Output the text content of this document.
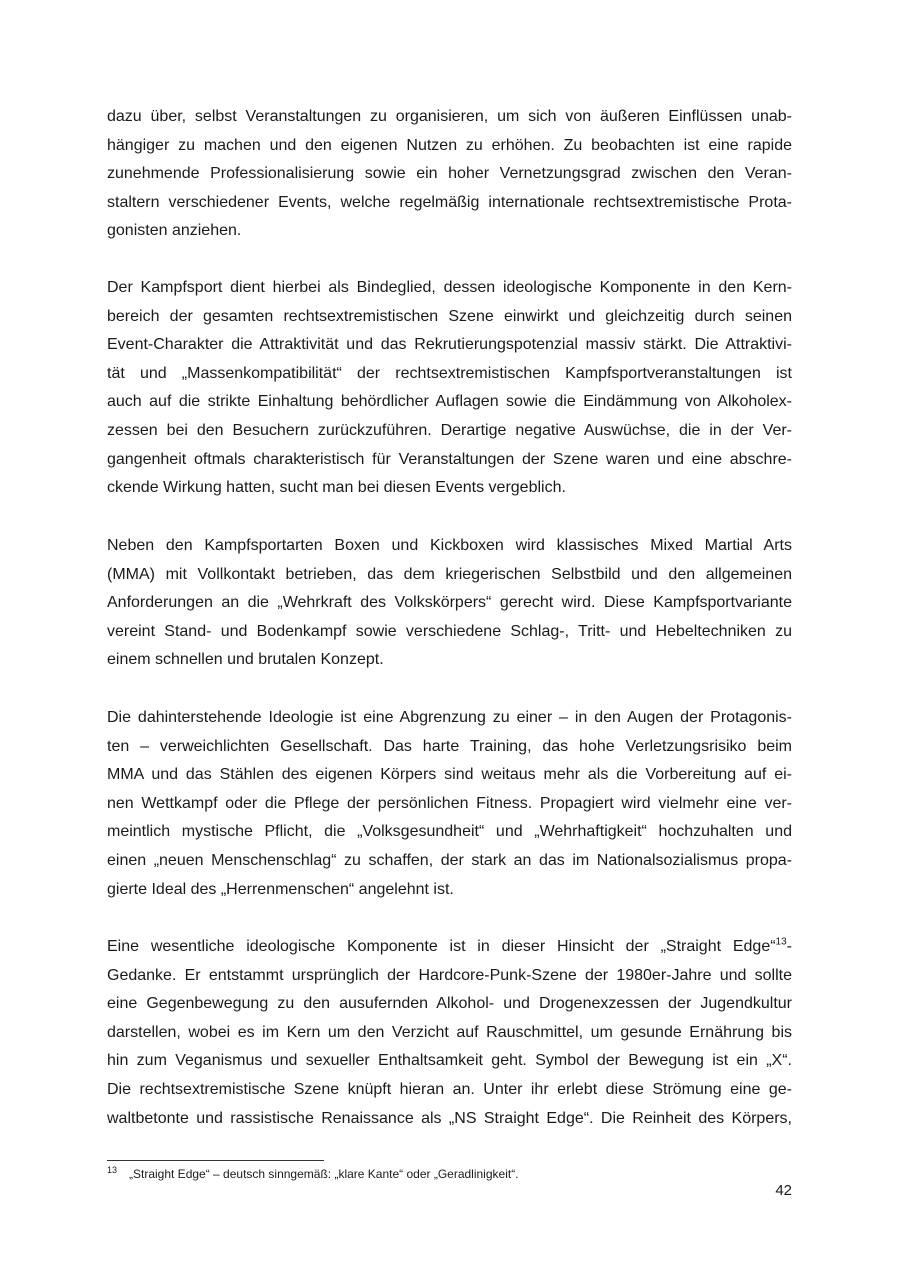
dazu über, selbst Veranstaltungen zu organisieren, um sich von äußeren Einflüssen unab-
hängiger zu machen und den eigenen Nutzen zu erhöhen. Zu beobachten ist eine rapide
zunehmende Professionalisierung sowie ein hoher Vernetzungsgrad zwischen den Veran-
staltern verschiedener Events, welche regelmäßig internationale rechtsextremistische Prota-
gonisten anziehen.
Der Kampfsport dient hierbei als Bindeglied, dessen ideologische Komponente in den Kern-
bereich der gesamten rechtsextremistischen Szene einwirkt und gleichzeitig durch seinen
Event-Charakter die Attraktivität und das Rekrutierungspotenzial massiv stärkt. Die Attraktivi-
tät und „Massenkompatibilität“ der rechtsextremistischen Kampfsportveranstaltungen ist
auch auf die strikte Einhaltung behördlicher Auflagen sowie die Eindämmung von Alkoholex-
zessen bei den Besuchern zurückzuführen. Derartige negative Auswüchse, die in der Ver-
gangenheit oftmals charakteristisch für Veranstaltungen der Szene waren und eine abschre-
ckende Wirkung hatten, sucht man bei diesen Events vergeblich.
Neben den Kampfsportarten Boxen und Kickboxen wird klassisches Mixed Martial Arts
(MMA) mit Vollkontakt betrieben, das dem kriegerischen Selbstbild und den allgemeinen
Anforderungen an die „Wehrkraft des Volkskörpers“ gerecht wird. Diese Kampfsportvariante
vereint Stand- und Bodenkampf sowie verschiedene Schlag-, Tritt- und Hebeltechniken zu
einem schnellen und brutalen Konzept.
Die dahinterstehende Ideologie ist eine Abgrenzung zu einer – in den Augen der Protagonis-
ten – verweichlichten Gesellschaft. Das harte Training, das hohe Verletzungsrisiko beim
MMA und das Stählen des eigenen Körpers sind weitaus mehr als die Vorbereitung auf ei-
nen Wettkampf oder die Pflege der persönlichen Fitness. Propagiert wird vielmehr eine ver-
meintlich mystische Pflicht, die „Volksgesundheit“ und „Wehrhaftigkeit“ hochzuhalten und
einen „neuen Menschenschlag“ zu schaffen, der stark an das im Nationalsozialismus propa-
gierte Ideal des „Herrenmenschen“ angelehnt ist.
Eine wesentliche ideologische Komponente ist in dieser Hinsicht der „Straight Edge“$^{13}$-
Gedanke. Er entstammt ursprünglich der Hardcore-Punk-Szene der 1980er-Jahre und sollte
eine Gegenbewegung zu den ausufernden Alkohol- und Drogenexzessen der Jugendkultur
darstellen, wobei es im Kern um den Verzicht auf Rauschmittel, um gesunde Ernährung bis
hin zum Veganismus und sexueller Enthaltsamkeit geht. Symbol der Bewegung ist ein „X“.
Die rechtsextremistische Szene knüpft hieran an. Unter ihr erlebt diese Strömung eine ge-
waltbetonte und rassistische Renaissance als „NS Straight Edge“. Die Reinheit des Körpers,
13 „Straight Edge“ – deutsch sinngemäß: „klare Kante“ oder „Geradlinigkeit“.
42
